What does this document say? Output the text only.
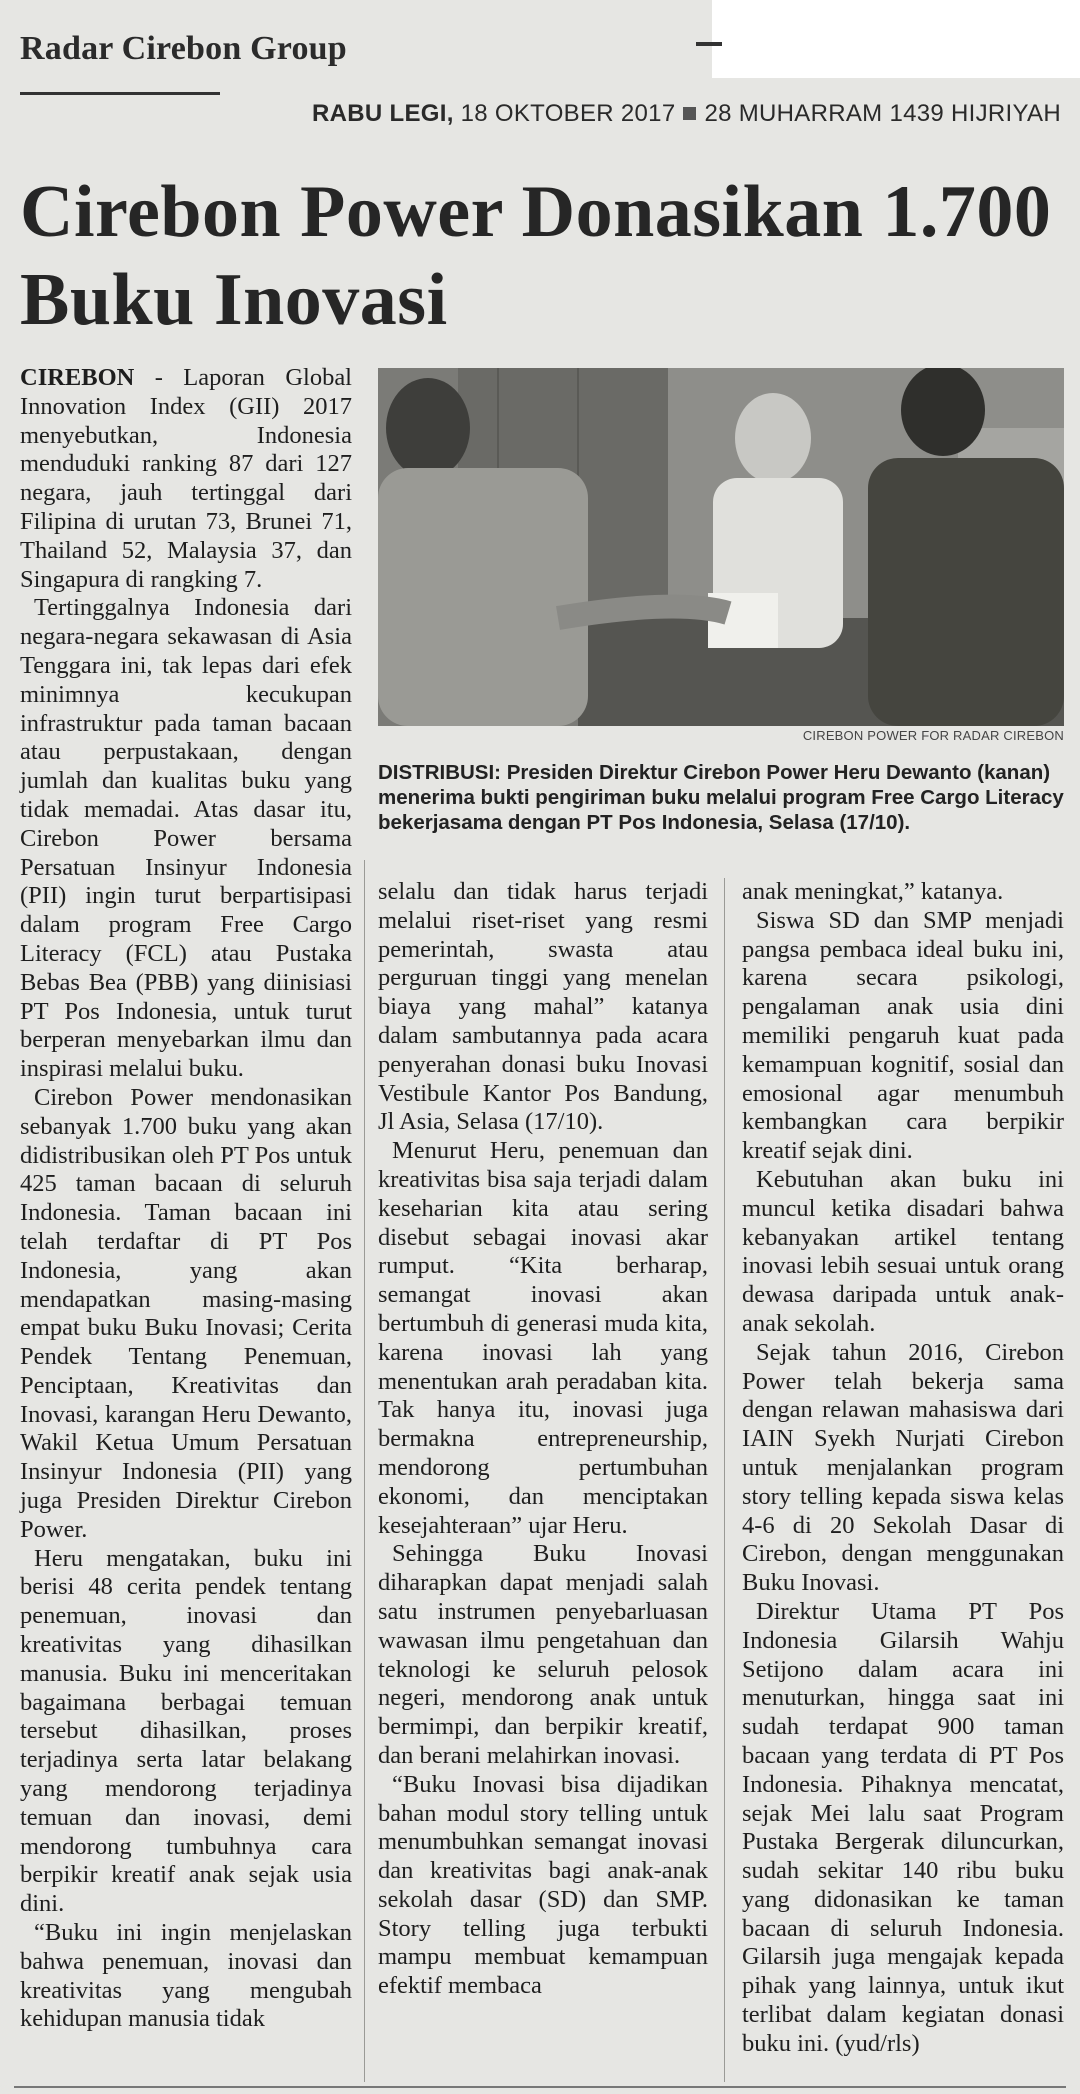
Radar Cirebon Group
RABU LEGI, 18 OKTOBER 2017 28 MUHARRAM 1439 HIJRIYAH
Cirebon Power Donasikan 1.700 Buku Inovasi
CIREBON POWER FOR RADAR CIREBON

DISTRIBUSI: Presiden Direktur Cirebon Power Heru Dewanto (kanan) menerima bukti pengiriman buku melalui program Free Cargo Literacy bekerjasama dengan PT Pos Indonesia, Selasa (17/10).

CIREBON - Laporan Global Innovation Index (GII) 2017 menyebutkan, Indonesia menduduki ranking 87 dari 127 negara, jauh tertinggal dari Filipina di urutan 73, Brunei 71, Thailand 52, Malaysia 37, dan Singapura di rangking 7.

Tertinggalnya Indonesia dari negara-negara sekawasan di Asia Tenggara ini, tak lepas dari efek minimnya kecukupan infrastruktur pada taman bacaan atau perpustakaan, dengan jumlah dan kualitas buku yang tidak memadai. Atas dasar itu, Cirebon Power bersama Persatuan Insinyur Indonesia (PII) ingin turut berpartisipasi dalam program Free Cargo Literacy (FCL) atau Pustaka Bebas Bea (PBB) yang diinisiasi PT Pos Indonesia, untuk turut berperan menyebarkan ilmu dan inspirasi melalui buku.

Cirebon Power mendonasikan sebanyak 1.700 buku yang akan didistribusikan oleh PT Pos untuk 425 taman bacaan di seluruh Indonesia. Taman bacaan ini telah terdaftar di PT Pos Indonesia, yang akan mendapatkan masing-masing empat buku Buku Inovasi; Cerita Pendek Tentang Penemuan, Penciptaan, Kreativitas dan Inovasi, karangan Heru Dewanto, Wakil Ketua Umum Persatuan Insinyur Indonesia (PII) yang juga Presiden Direktur Cirebon Power.

Heru mengatakan, buku ini berisi 48 cerita pendek tentang penemuan, inovasi dan kreativitas yang dihasilkan manusia. Buku ini menceritakan bagaimana berbagai temuan tersebut dihasilkan, proses terjadinya serta latar belakang yang mendorong terjadinya temuan dan inovasi, demi mendorong tumbuhnya cara berpikir kreatif anak sejak usia dini.

“Buku ini ingin menjelaskan bahwa penemuan, inovasi dan kreativitas yang mengubah kehidupan manusia tidak

selalu dan tidak harus terjadi melalui riset-riset yang resmi pemerintah, swasta atau perguruan tinggi yang menelan biaya yang mahal” katanya dalam sambutannya pada acara penyerahan donasi buku Inovasi Vestibule Kantor Pos Bandung, Jl Asia, Selasa (17/10).

Menurut Heru, penemuan dan kreativitas bisa saja terjadi dalam keseharian kita atau sering disebut sebagai inovasi akar rumput. “Kita berharap, semangat inovasi akan bertumbuh di generasi muda kita, karena inovasi lah yang menentukan arah peradaban kita. Tak hanya itu, inovasi juga bermakna entrepreneurship, mendorong pertumbuhan ekonomi, dan menciptakan kesejahteraan” ujar Heru.

Sehingga Buku Inovasi diharapkan dapat menjadi salah satu instrumen penyebarluasan wawasan ilmu pengetahuan dan teknologi ke seluruh pelosok negeri, mendorong anak untuk bermimpi, dan berpikir kreatif, dan berani melahirkan inovasi.

“Buku Inovasi bisa dijadikan bahan modul story telling untuk menumbuhkan semangat inovasi dan kreativitas bagi anak-anak sekolah dasar (SD) dan SMP. Story telling juga terbukti mampu membuat kemampuan efektif membaca

anak meningkat,” katanya.

Siswa SD dan SMP menjadi pangsa pembaca ideal buku ini, karena secara psikologi, pengalaman anak usia dini memiliki pengaruh kuat pada kemampuan kognitif, sosial dan emosional agar menumbuh kembangkan cara berpikir kreatif sejak dini.

Kebutuhan akan buku ini muncul ketika disadari bahwa kebanyakan artikel tentang inovasi lebih sesuai untuk orang dewasa daripada untuk anak-anak sekolah.

Sejak tahun 2016, Cirebon Power telah bekerja sama dengan relawan mahasiswa dari IAIN Syekh Nurjati Cirebon untuk menjalankan program story telling kepada siswa kelas 4-6 di 20 Sekolah Dasar di Cirebon, dengan menggunakan Buku Inovasi.

Direktur Utama PT Pos Indonesia Gilarsih Wahju Setijono dalam acara ini menuturkan, hingga saat ini sudah terdapat 900 taman bacaan yang terdata di PT Pos Indonesia. Pihaknya mencatat, sejak Mei lalu saat Program Pustaka Bergerak diluncurkan, sudah sekitar 140 ribu buku yang didonasikan ke taman bacaan di seluruh Indonesia. Gilarsih juga mengajak kepada pihak yang lainnya, untuk ikut terlibat dalam kegiatan donasi buku ini. (yud/rls)
